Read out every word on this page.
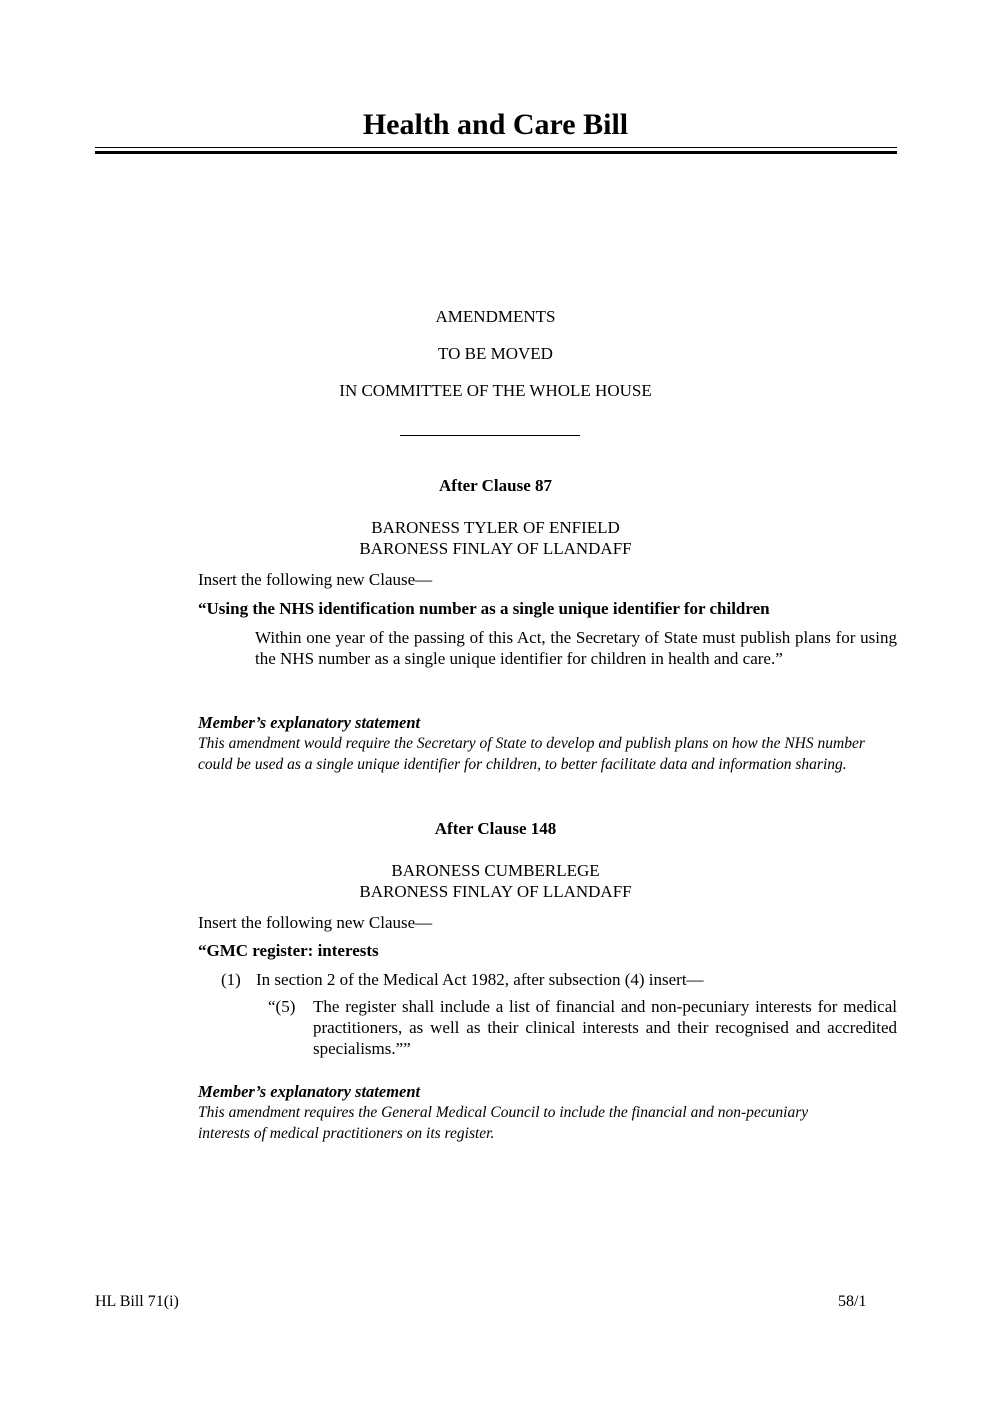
Health and Care Bill
AMENDMENTS
TO BE MOVED
IN COMMITTEE OF THE WHOLE HOUSE
After Clause 87
BARONESS TYLER OF ENFIELD
BARONESS FINLAY OF LLANDAFF
Insert the following new Clause—
“Using the NHS identification number as a single unique identifier for children
Within one year of the passing of this Act, the Secretary of State must publish plans for using the NHS number as a single unique identifier for children in health and care.”
Member’s explanatory statement
This amendment would require the Secretary of State to develop and publish plans on how the NHS number could be used as a single unique identifier for children, to better facilitate data and information sharing.
After Clause 148
BARONESS CUMBERLEGE
BARONESS FINLAY OF LLANDAFF
Insert the following new Clause—
“GMC register: interests
(1) In section 2 of the Medical Act 1982, after subsection (4) insert—
“(5) The register shall include a list of financial and non-pecuniary interests for medical practitioners, as well as their clinical interests and their recognised and accredited specialisms.””
Member’s explanatory statement
This amendment requires the General Medical Council to include the financial and non-pecuniary interests of medical practitioners on its register.
HL Bill 71(i)	58/1
